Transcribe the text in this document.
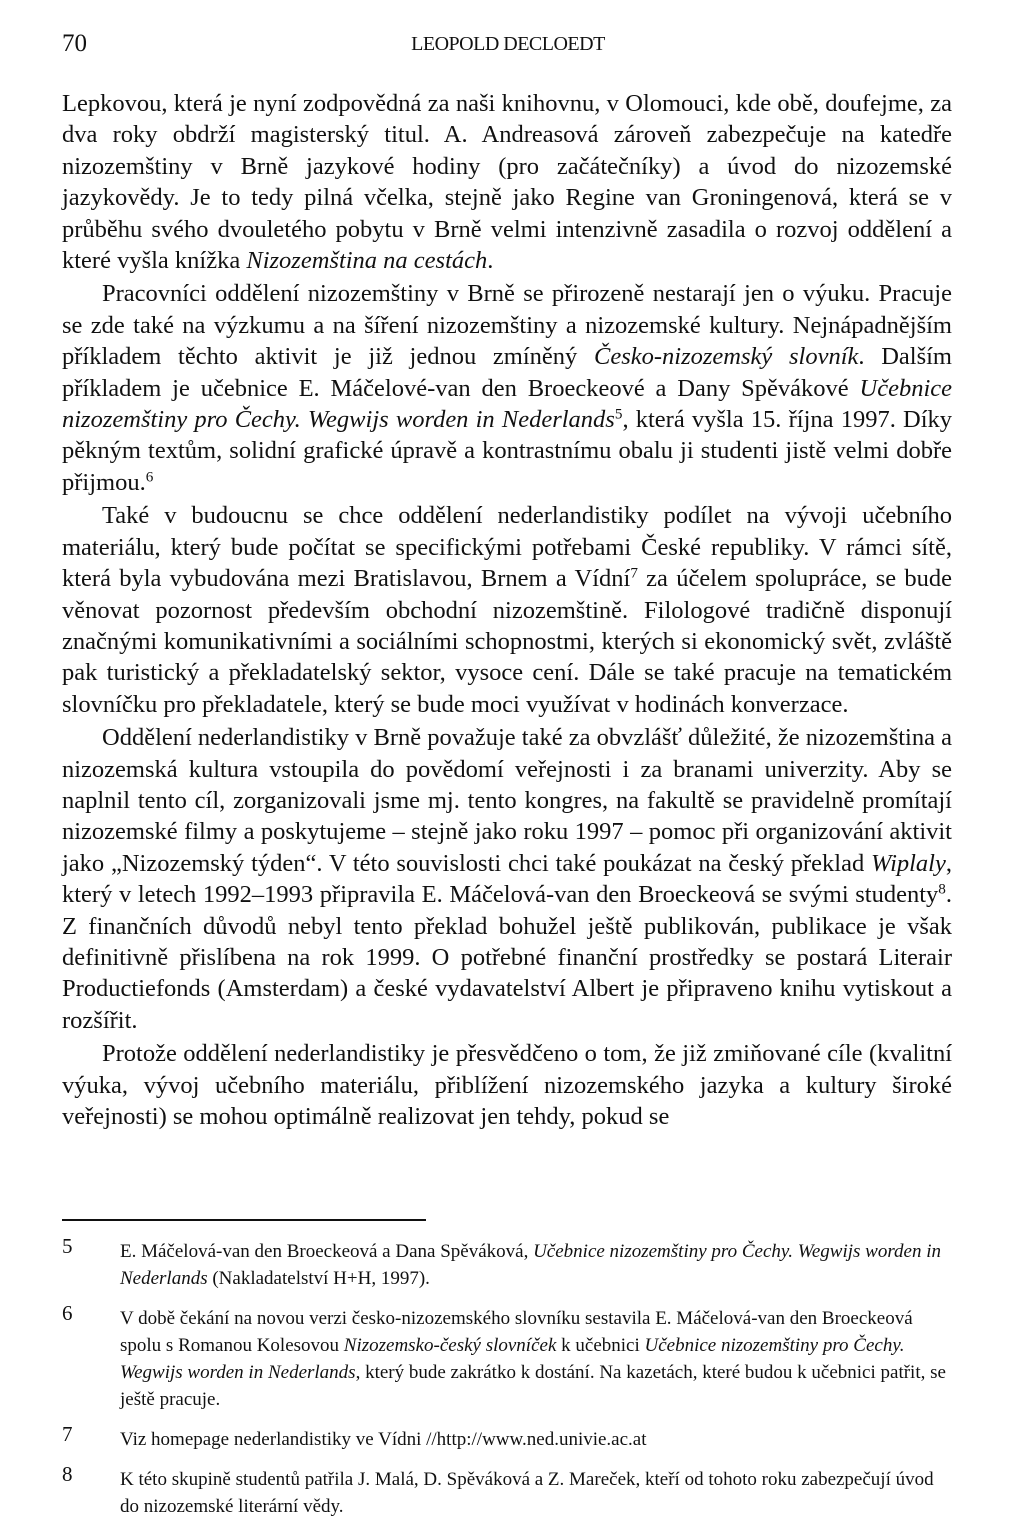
70	LEOPOLD DECLOEDT

Lepkovou, která je nyní zodpovědná za naši knihovnu, v Olomouci, kde obě, doufejme, za dva roky obdrží magisterský titul. A. Andreasová zároveň zabezpečuje na katedře nizozemštiny v Brně jazykové hodiny (pro začátečníky) a úvod do nizozemské jazykovědy. Je to tedy pilná včelka, stejně jako Regine van Groningenová, která se v průběhu svého dvouletého pobytu v Brně velmi intenzivně zasadila o rozvoj oddělení a které vyšla knížka Nizozemština na cestách.

Pracovníci oddělení nizozemštiny v Brně se přirozeně nestarají jen o výuku. Pracuje se zde také na výzkumu a na šíření nizozemštiny a nizozemské kultury. Nejnápadnějším příkladem těchto aktivit je již jednou zmíněný Česko-nizozemský slovník. Dalším příkladem je učebnice E. Máčelové-van den Broeckeové a Dany Spěvákové Učebnice nizozemštiny pro Čechy. Wegwijs worden in Nederlands$^5$, která vyšla 15. října 1997. Díky pěkným textům, solidní grafické úpravě a kontrastnímu obalu ji studenti jistě velmi dobře přijmou.$^6$

Také v budoucnu se chce oddělení nederlandistiky podílet na vývoji učebního materiálu, který bude počítat se specifickými potřebami České republiky. V rámci sítě, která byla vybudována mezi Bratislavou, Brnem a Vídní$^7$ za účelem spolupráce, se bude věnovat pozornost především obchodní nizozemštině. Filologové tradičně disponují značnými komunikativními a sociálními schopnostmi, kterých si ekonomický svět, zvláště pak turistický a překladatelský sektor, vysoce cení. Dále se také pracuje na tematickém slovníčku pro překladatele, který se bude moci využívat v hodinách konverzace.

Oddělení nederlandistiky v Brně považuje také za obvzlášť důležité, že nizozemština a nizozemská kultura vstoupila do povědomí veřejnosti i za branami univerzity. Aby se naplnil tento cíl, zorganizovali jsme mj. tento kongres, na fakultě se pravidelně promítají nizozemské filmy a poskytujeme – stejně jako roku 1997 – pomoc při organizování aktivit jako „Nizozemský týden“. V této souvislosti chci také poukázat na český překlad Wiplaly, který v letech 1992–1993 připravila E. Máčelová-van den Broeckeová se svými studenty$^8$. Z finančních důvodů nebyl tento překlad bohužel ještě publikován, publikace je však definitivně přislíbena na rok 1999. O potřebné finanční prostředky se postará Literair Productiefonds (Amsterdam) a české vydavatelství Albert je připraveno knihu vytiskout a rozšířit.

Protože oddělení nederlandistiky je přesvědčeno o tom, že již zmiňované cíle (kvalitní výuka, vývoj učebního materiálu, přiblížení nizozemského jazyka a kultury široké veřejnosti) se mohou optimálně realizovat jen tehdy, pokud se

5	E. Máčelová-van den Broeckeová a Dana Spěváková, Učebnice nizozemštiny pro Čechy. Wegwijs worden in Nederlands (Nakladatelství H+H, 1997).
6	V době čekání na novou verzi česko-nizozemského slovníku sestavila E. Máčelová-van den Broeckeová spolu s Romanou Kolesovou Nizozemsko-český slovníček k učebnici Učebnice nizozemštiny pro Čechy. Wegwijs worden in Nederlands, který bude zakrátko k dostání. Na kazetách, které budou k učebnici patřit, se ještě pracuje.
7	Viz homepage nederlandistiky ve Vídni //http://www.ned.univie.ac.at
8	K této skupině studentů patřila J. Malá, D. Spěváková a Z. Mareček, kteří od tohoto roku zabezpečují úvod do nizozemské literární vědy.
